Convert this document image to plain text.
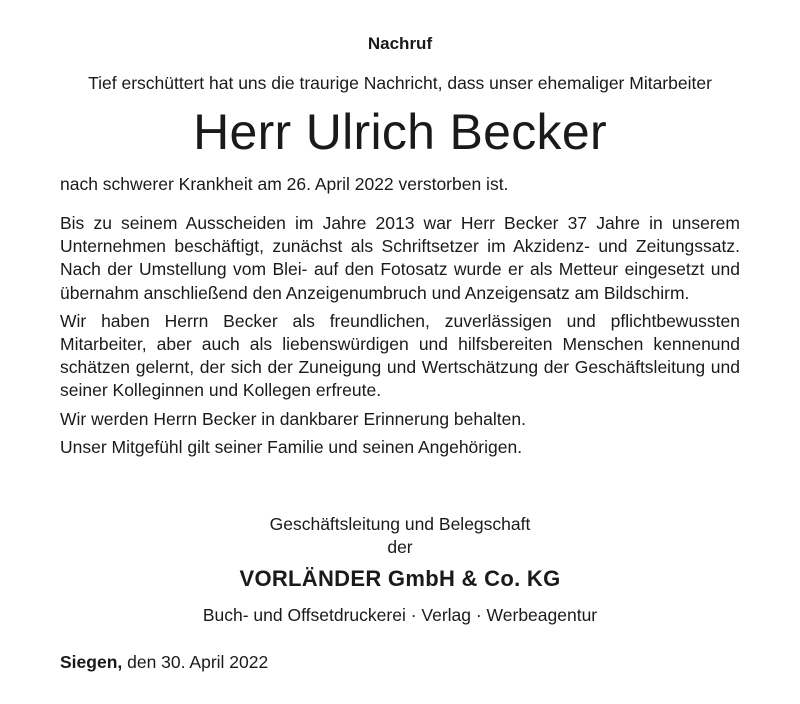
Nachruf
Tief erschüttert hat uns die traurige Nachricht, dass unser ehemaliger Mitarbeiter
Herr Ulrich Becker
nach schwerer Krankheit am 26. April 2022 verstorben ist.

Bis zu seinem Ausscheiden im Jahre 2013 war Herr Becker 37 Jahre in unserem Unternehmen beschäftigt, zunächst als Schriftsetzer im Akzidenz- und Zeitungssatz. Nach der Umstellung vom Blei- auf den Fotosatz wurde er als Metteur eingesetzt und übernahm anschließend den Anzeigenumbruch und Anzeigensatz am Bildschirm.

Wir haben Herrn Becker als freundlichen, zuverlässigen und pflichtbewussten Mitarbeiter, aber auch als liebenswürdigen und hilfsbereiten Menschen kennenund schätzen gelernt, der sich der Zuneigung und Wertschätzung der Geschäftsleitung und seiner Kolleginnen und Kollegen erfreute.

Wir werden Herrn Becker in dankbarer Erinnerung behalten.

Unser Mitgefühl gilt seiner Familie und seinen Angehörigen.

Geschäftsleitung und Belegschaft
der
VORLÄNDER GmbH & Co. KG
Buch- und Offsetdruckerei · Verlag · Werbeagentur
Siegen, den 30. April 2022
